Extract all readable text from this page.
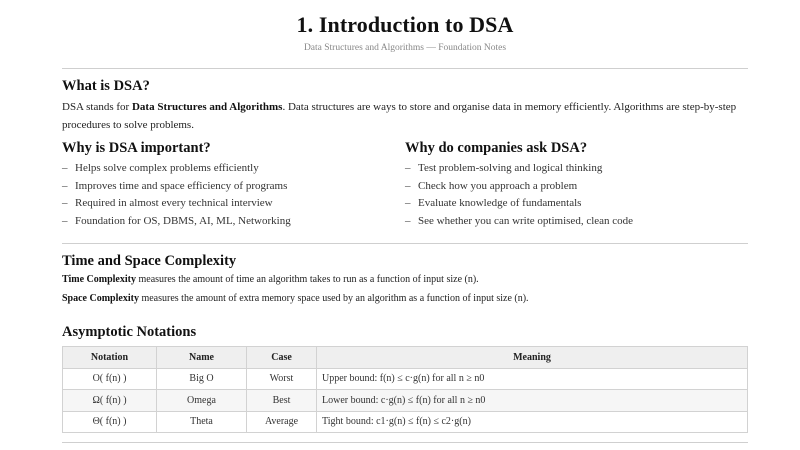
1. Introduction to DSA
Data Structures and Algorithms — Foundation Notes
What is DSA?
DSA stands for Data Structures and Algorithms. Data structures are ways to store and organise data in memory efficiently. Algorithms are step-by-step procedures to solve problems.
Why is DSA important?
– Helps solve complex problems efficiently
– Improves time and space efficiency of programs
– Required in almost every technical interview
– Foundation for OS, DBMS, AI, ML, Networking
Why do companies ask DSA?
– Test problem-solving and logical thinking
– Check how you approach a problem
– Evaluate knowledge of fundamentals
– See whether you can write optimised, clean code
Time and Space Complexity
Time Complexity measures the amount of time an algorithm takes to run as a function of input size (n).
Space Complexity measures the amount of extra memory space used by an algorithm as a function of input size (n).
Asymptotic Notations
Notation	Name	Case	Meaning
O( f(n) )	Big O	Worst	Upper bound: f(n) ≤ c·g(n) for all n ≥ n0
Ω( f(n) )	Omega	Best	Lower bound: c·g(n) ≤ f(n) for all n ≥ n0
Θ( f(n) )	Theta	Average	Tight bound: c1·g(n) ≤ f(n) ≤ c2·g(n)
